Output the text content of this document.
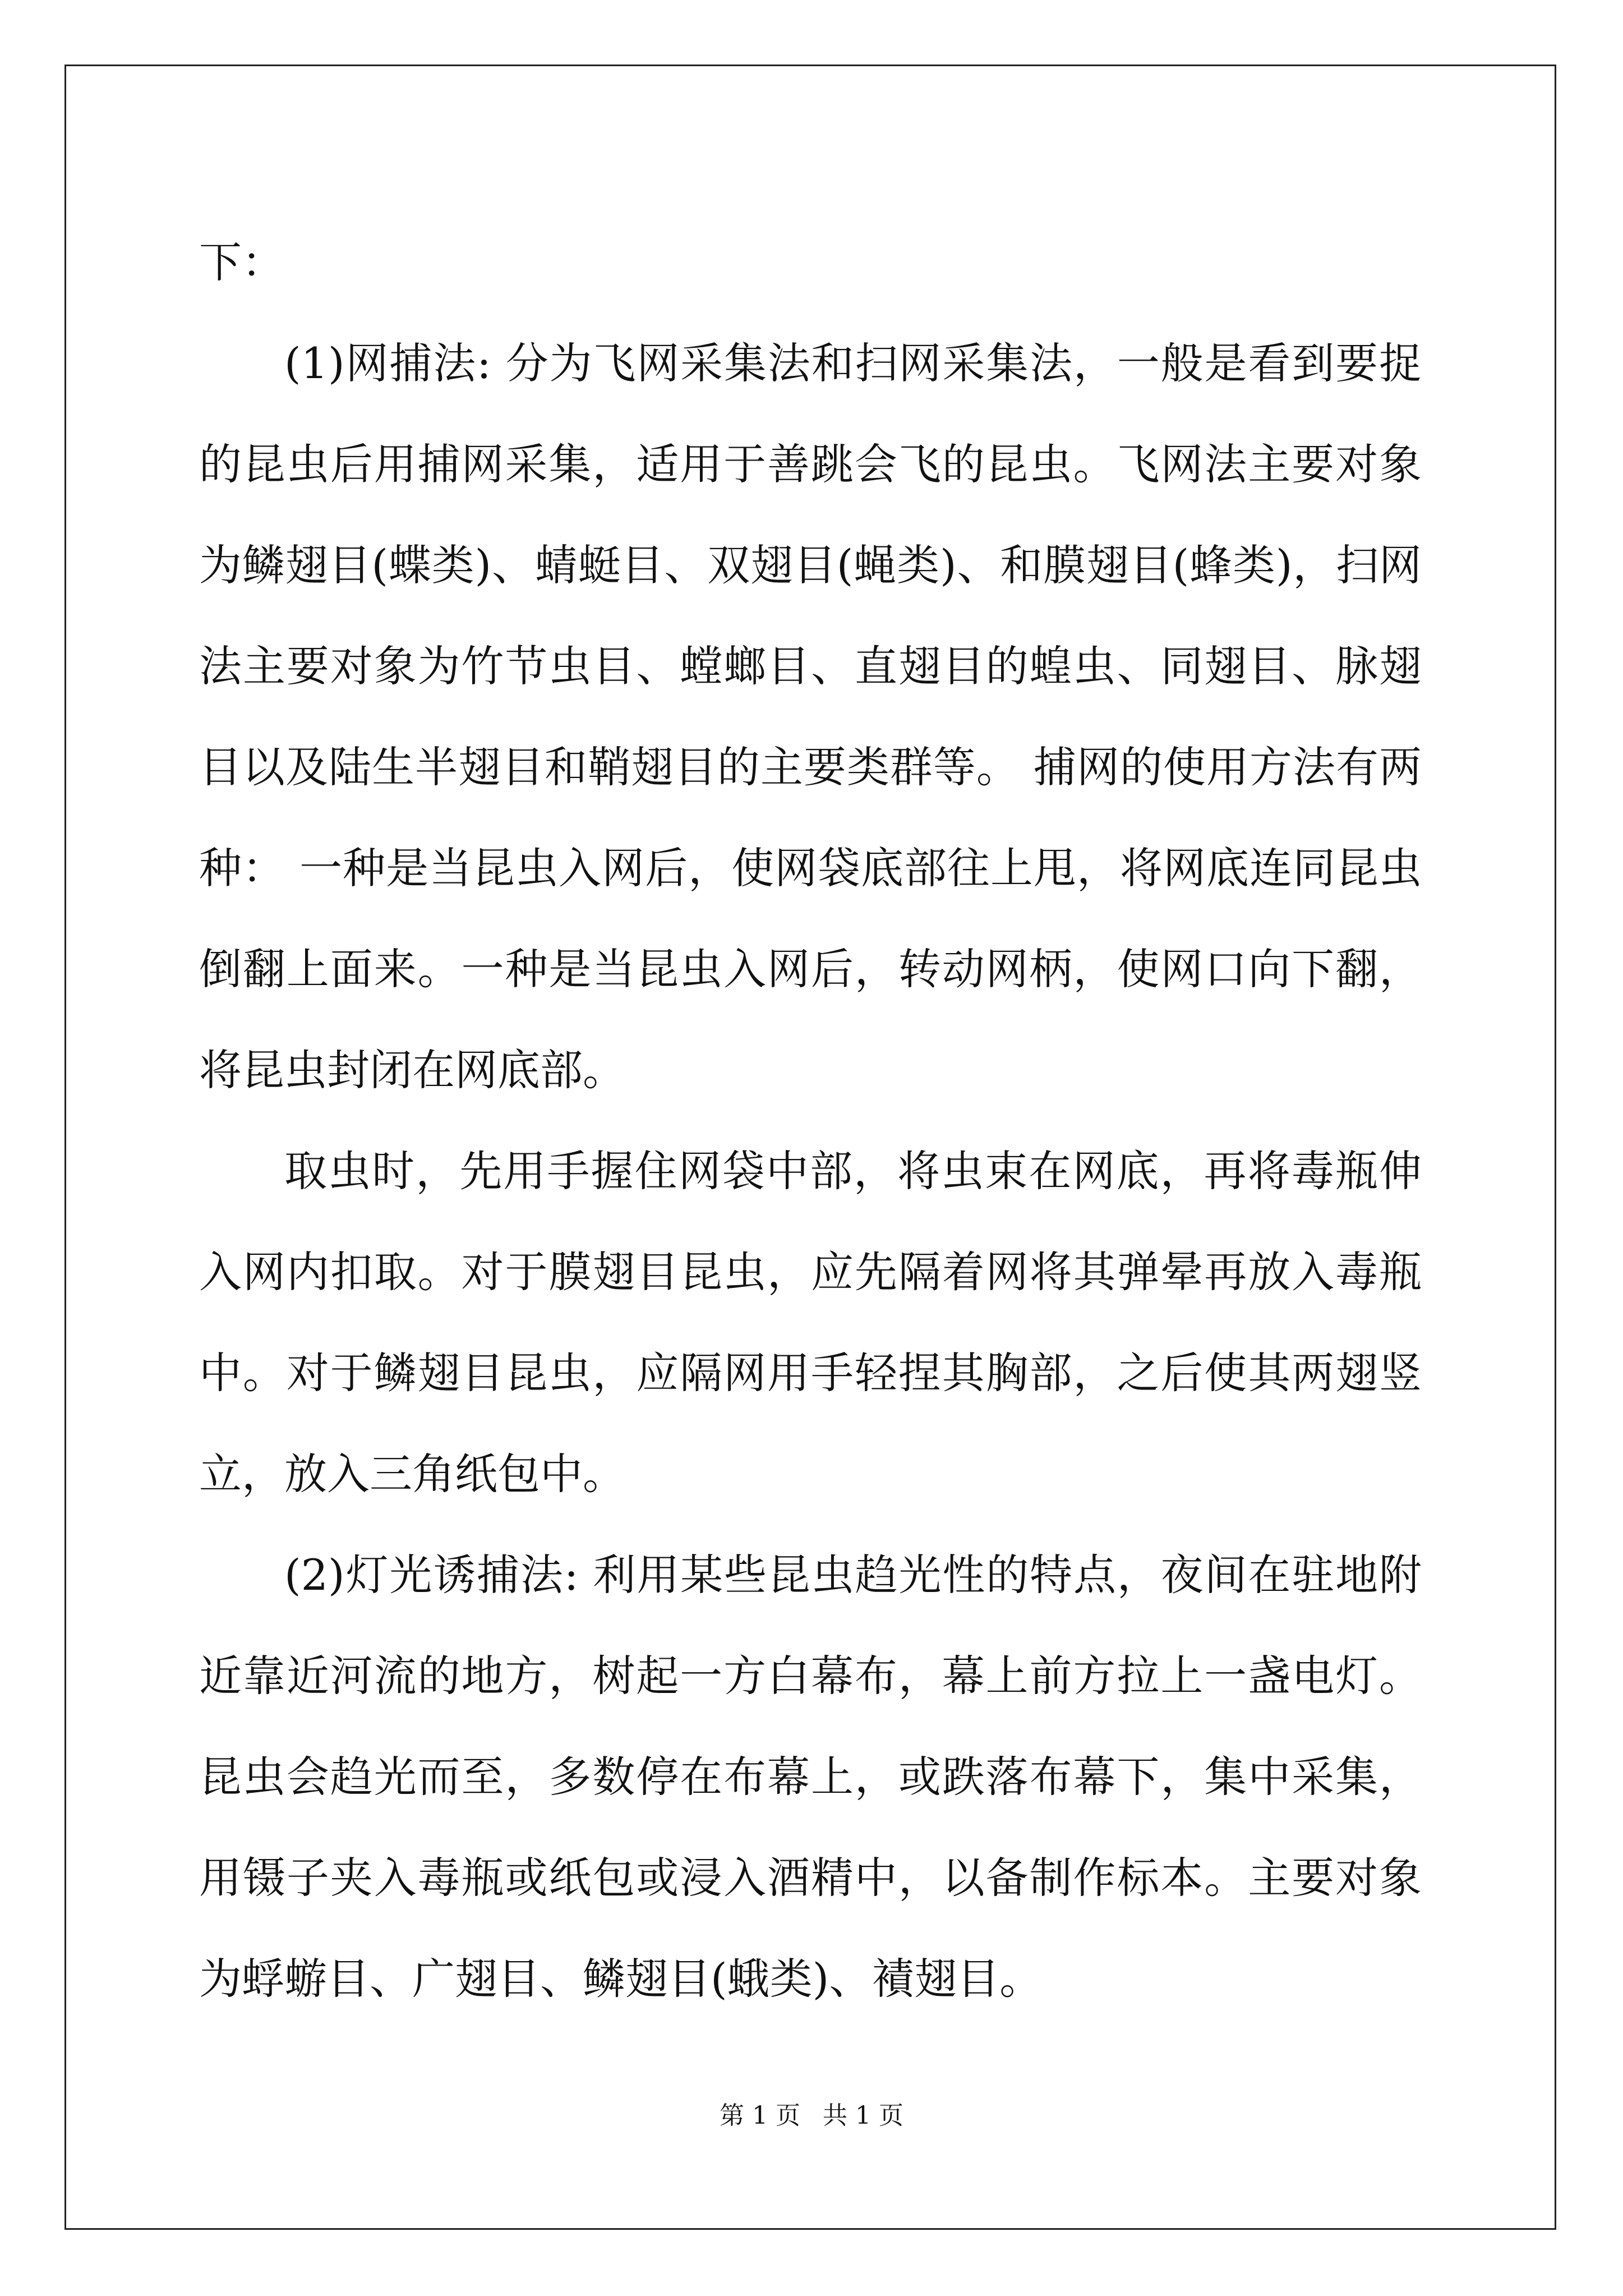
下：

(1)网捕法: 分为飞网采集法和扫网采集法，一般是看到要捉的昆虫后用捕网采集，适用于善跳会飞的昆虫。飞网法主要对象为鳞翅目(蝶类)、蜻蜓目、双翅目(蝇类)、和膜翅目(蜂类)，扫网法主要对象为竹节虫目、螳螂目、直翅目的蝗虫、同翅目、脉翅目以及陆生半翅目和鞘翅目的主要类群等。 捕网的使用方法有两种： 一种是当昆虫入网后，使网袋底部往上甩，将网底连同昆虫倒翻上面来。一种是当昆虫入网后，转动网柄，使网口向下翻，将昆虫封闭在网底部。

取虫时，先用手握住网袋中部，将虫束在网底，再将毒瓶伸入网内扣取。对于膜翅目昆虫，应先隔着网将其弹晕再放入毒瓶中。对于鳞翅目昆虫，应隔网用手轻捏其胸部，之后使其两翅竖立，放入三角纸包中。

(2)灯光诱捕法: 利用某些昆虫趋光性的特点，夜间在驻地附近靠近河流的地方，树起一方白幕布，幕上前方拉上一盏电灯。昆虫会趋光而至，多数停在布幕上，或跌落布幕下，集中采集，用镊子夹入毒瓶或纸包或浸入酒精中，以备制作标本。主要对象为蜉蝣目、广翅目、鳞翅目(蛾类)、襀翅目。

第 1 页 共 1 页
